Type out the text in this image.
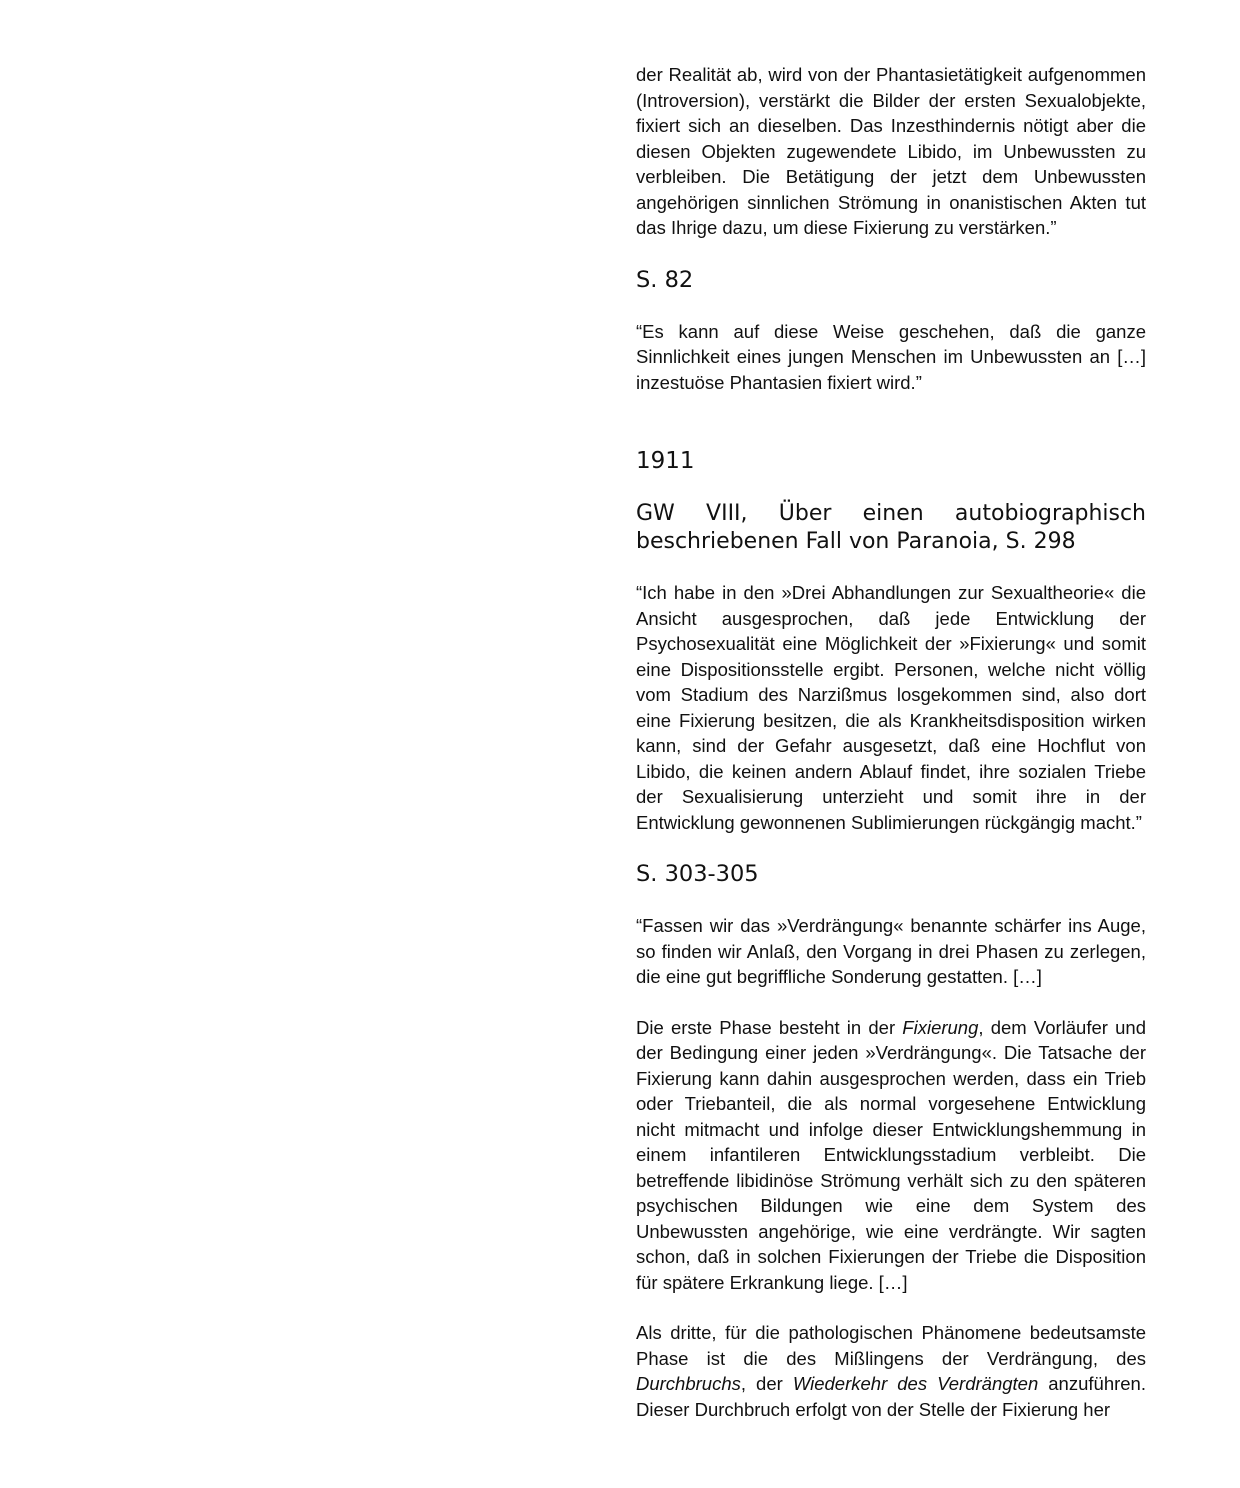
der Realität ab, wird von der Phantasietätigkeit aufgenommen (Introversion), verstärkt die Bilder der ersten Sexualobjekte, fixiert sich an dieselben. Das Inzesthindernis nötigt aber die diesen Objekten zugewendete Libido, im Unbewussten zu verbleiben. Die Betätigung der jetzt dem Unbewussten angehörigen sinnlichen Strömung in onanistischen Akten tut das Ihrige dazu, um diese Fixierung zu verstärken.”

S. 82

“Es kann auf diese Weise geschehen, daß die ganze Sinnlichkeit eines jungen Menschen im Unbewussten an […] inzestuöse Phantasien fixiert wird.”

1911
GW VIII, Über einen autobiographisch beschriebenen Fall von Paranoia, S. 298

“Ich habe in den »Drei Abhandlungen zur Sexualtheorie« die Ansicht ausgesprochen, daß jede Entwicklung der Psychosexualität eine Möglichkeit der »Fixierung« und somit eine Dispositionsstelle ergibt. Personen, welche nicht völlig vom Stadium des Narzißmus losgekommen sind, also dort eine Fixierung besitzen, die als Krankheitsdisposition wirken kann, sind der Gefahr ausgesetzt, daß eine Hochflut von Libido, die keinen andern Ablauf findet, ihre sozialen Triebe der Sexualisierung unterzieht und somit ihre in der Entwicklung gewonnenen Sublimierungen rückgängig macht.”

S. 303-305

“Fassen wir das »Verdrängung« benannte schärfer ins Auge, so finden wir Anlaß, den Vorgang in drei Phasen zu zerlegen, die eine gut begriffliche Sonderung gestatten. […]

Die erste Phase besteht in der Fixierung, dem Vorläufer und der Bedingung einer jeden »Verdrängung«. Die Tatsache der Fixierung kann dahin ausgesprochen werden, dass ein Trieb oder Triebanteil, die als normal vorgesehene Entwicklung nicht mitmacht und infolge dieser Entwicklungshemmung in einem infantileren Entwicklungsstadium verbleibt. Die betreffende libidinöse Strömung verhält sich zu den späteren psychischen Bildungen wie eine dem System des Unbewussten angehörige, wie eine verdrängte. Wir sagten schon, daß in solchen Fixierungen der Triebe die Disposition für spätere Erkrankung liege. […]

Als dritte, für die pathologischen Phänomene bedeutsamste Phase ist die des Mißlingens der Verdrängung, des Durchbruchs, der Wiederkehr des Verdrängten anzuführen. Dieser Durchbruch erfolgt von der Stelle der Fixierung her
